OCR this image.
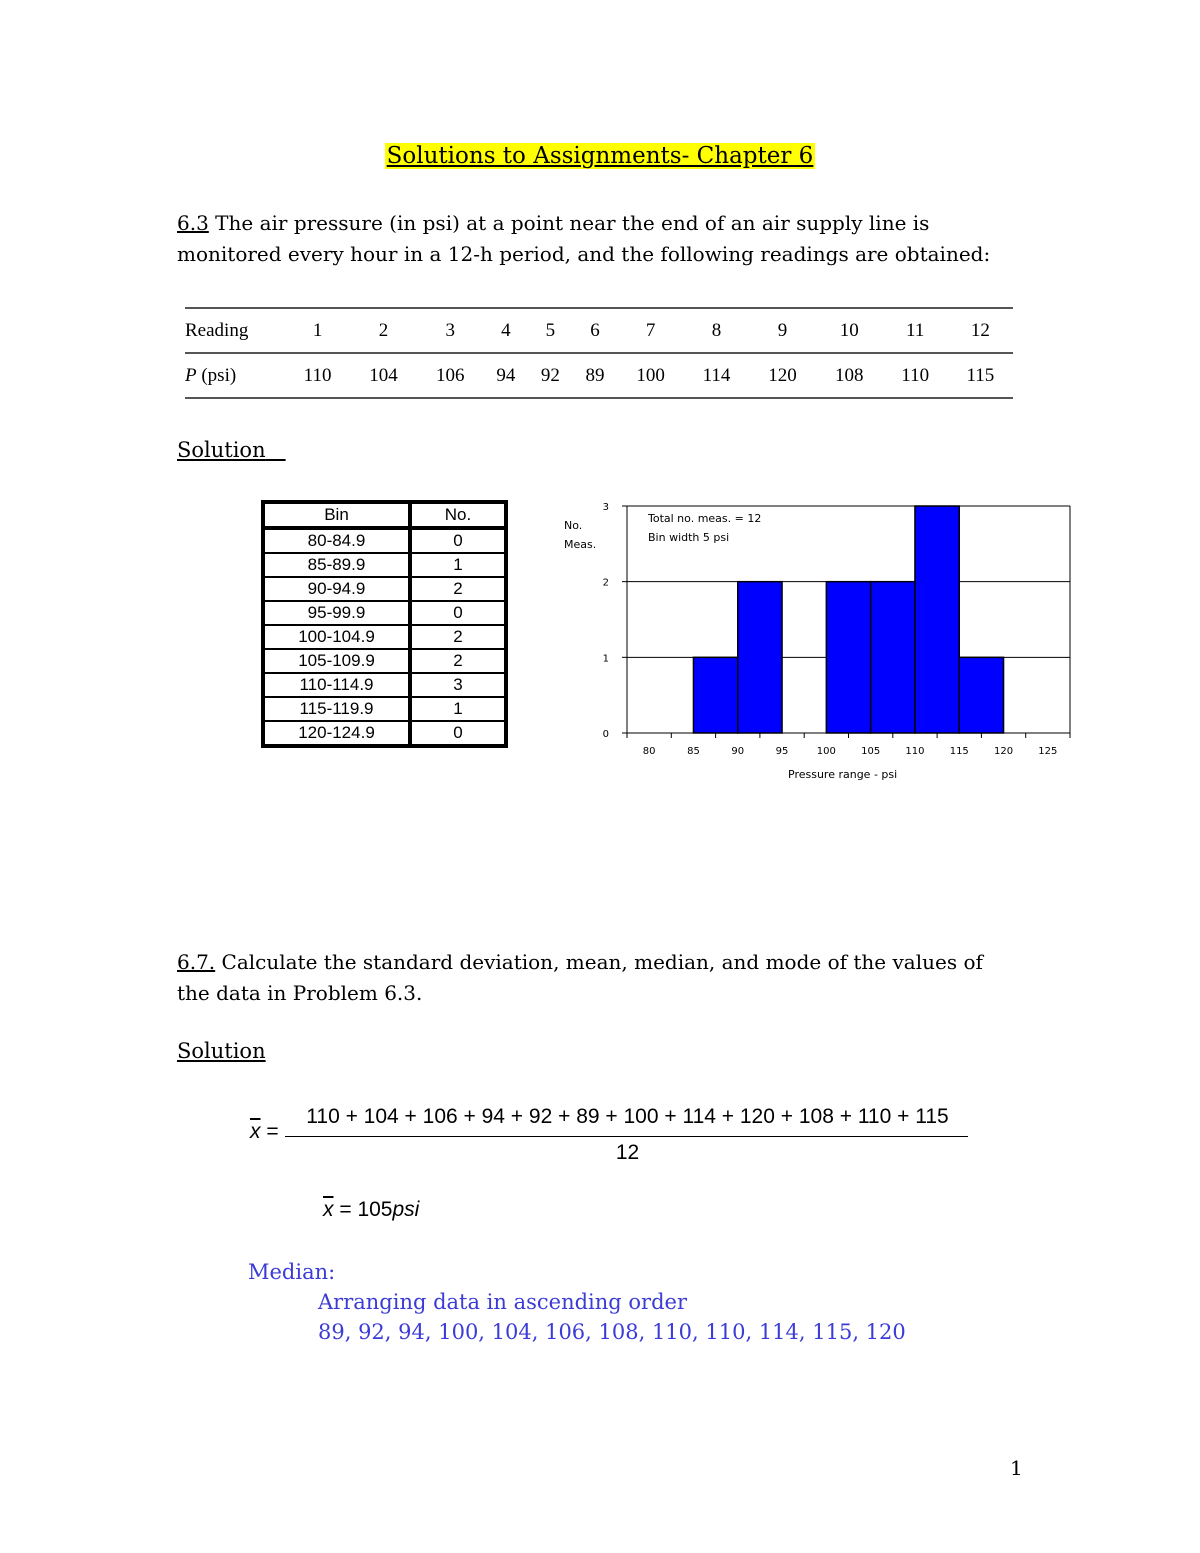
Solutions to Assignments- Chapter 6
6.3 The air pressure (in psi) at a point near the end of an air supply line is
monitored every hour in a 12-h period, and the following readings are obtained:
Reading	1	2	3	4	5	6	7	8	9	10	11	12
P (psi)	110	104	106	94	92	89	100	114	120	108	110	115
Solution
Bin	No.
80-84.9	0
85-89.9	1
90-94.9	2
95-99.9	0
100-104.9	2
105-109.9	2
110-114.9	3
115-119.9	1
120-124.9	0	0
1
2
3
80	85	90	95	100	105	110	115	120	125
No.
Meas.
Total no. meas. = 12
Bin width 5 psi
Pressure range - psi
6.7. Calculate the standard deviation, mean, median, and mode of the values of
the data in Problem 6.3.
Solution
$\overline{x}$ =
110 + 104 + 106 + 94 + 92 + 89 + 100 + 114 + 120 + 108 + 110 + 115
12
$\overline{x} = 105psi$
Median:
Arranging data in ascending order
89, 92, 94, 100, 104, 106, 108, 110, 110, 114, 115, 120
1
